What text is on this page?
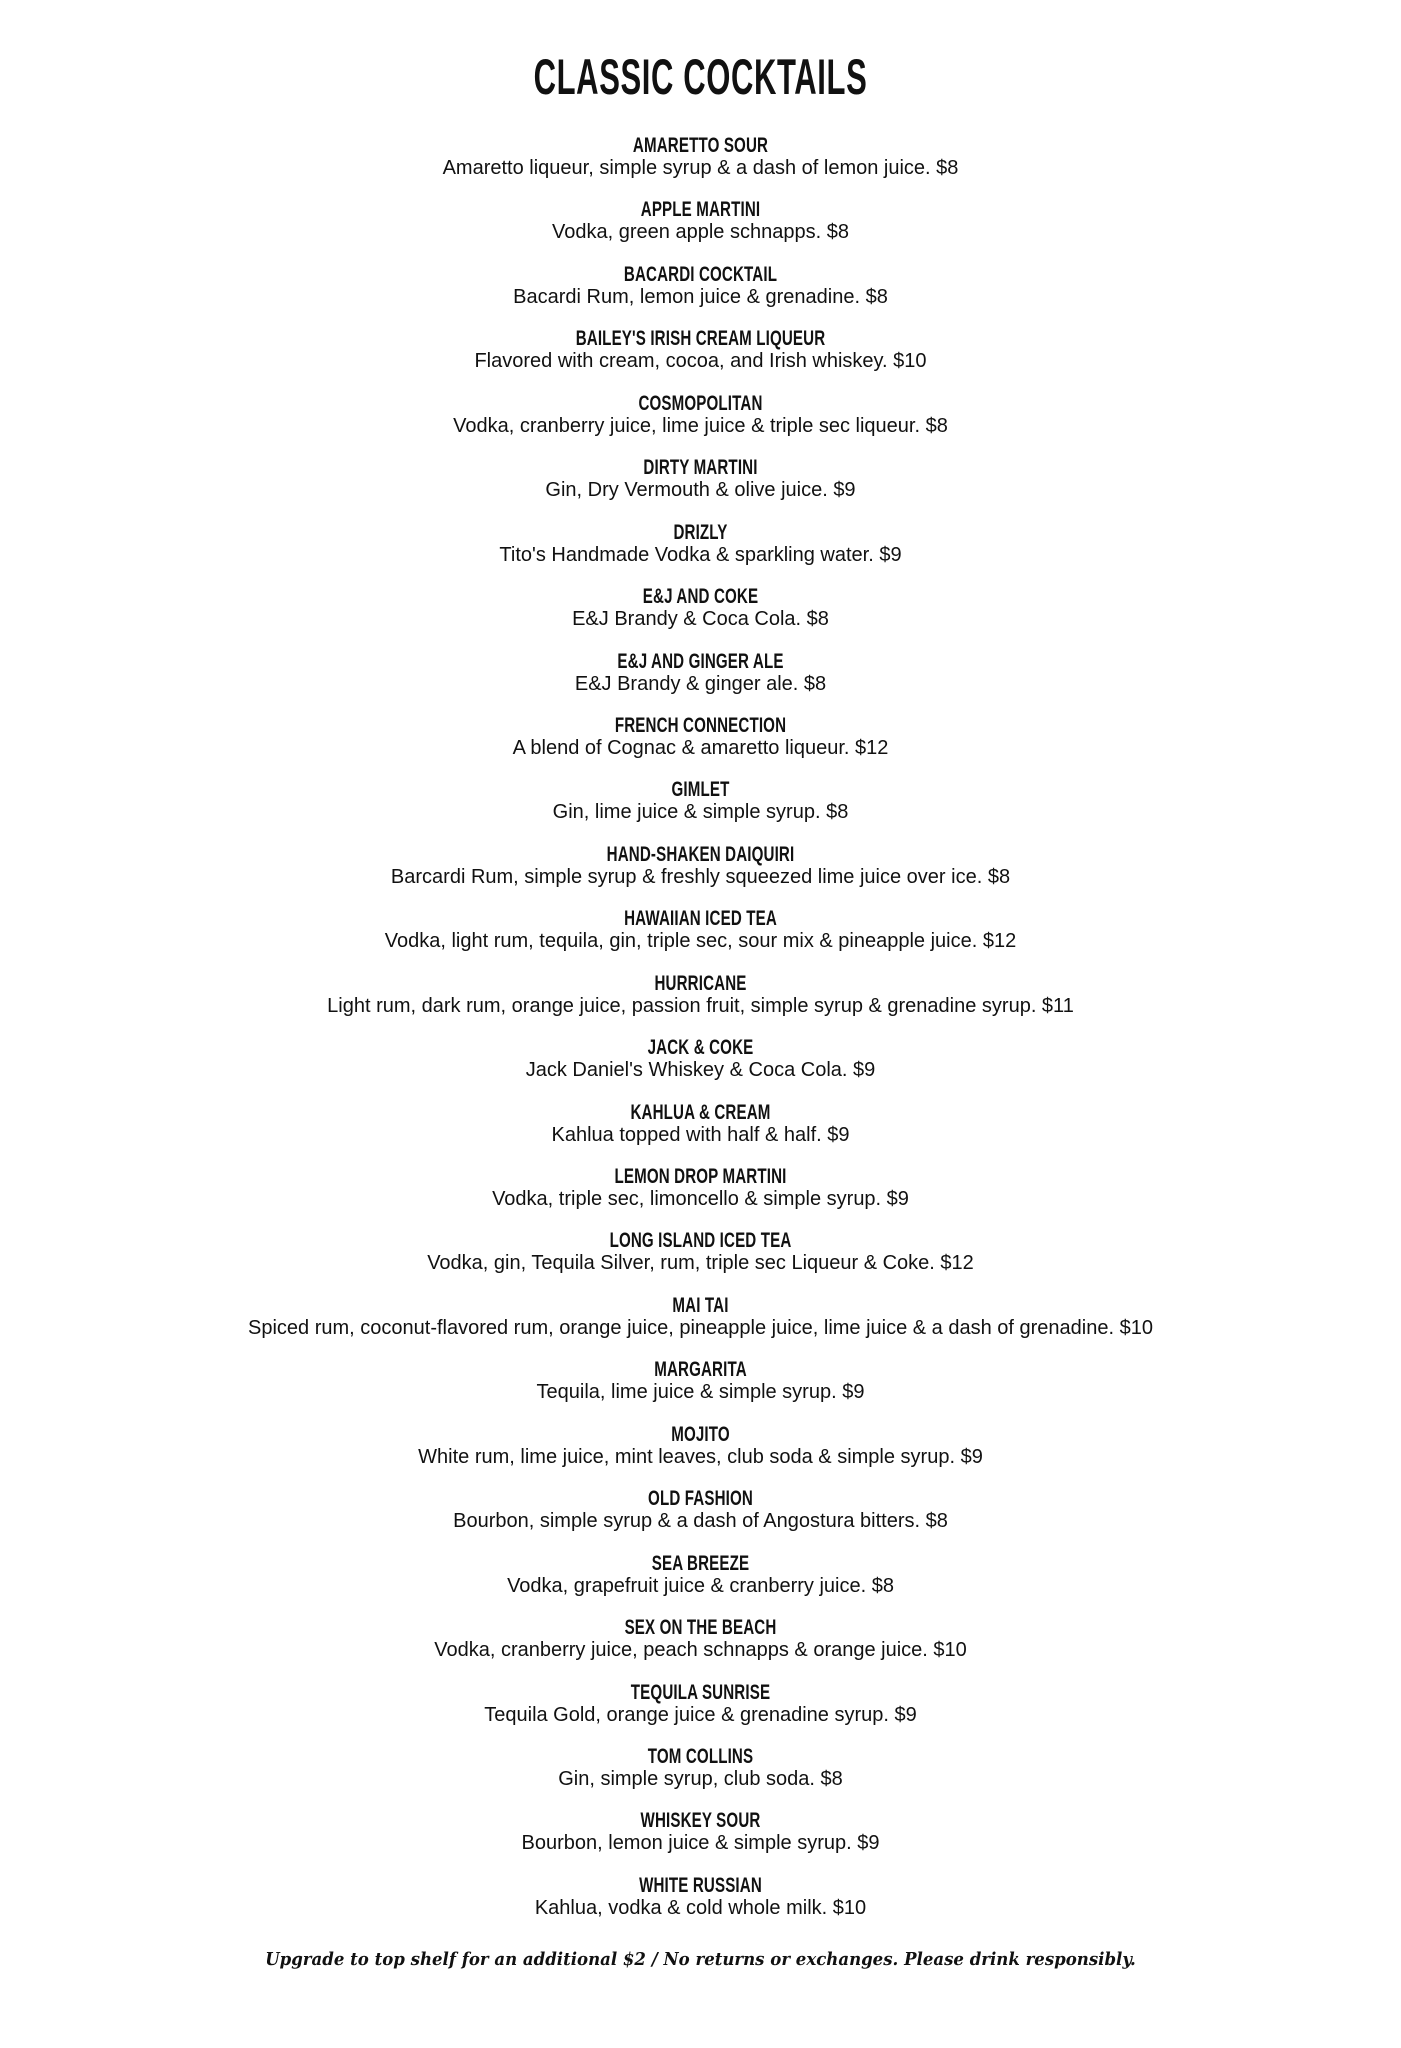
CLASSIC COCKTAILS
AMARETTO SOUR
Amaretto liqueur, simple syrup & a dash of lemon juice. $8
APPLE MARTINI
Vodka, green apple schnapps. $8
BACARDI COCKTAIL
Bacardi Rum, lemon juice & grenadine. $8
BAILEY'S IRISH CREAM LIQUEUR
Flavored with cream, cocoa, and Irish whiskey. $10
COSMOPOLITAN
Vodka, cranberry juice, lime juice & triple sec liqueur. $8
DIRTY MARTINI
Gin, Dry Vermouth & olive juice. $9
DRIZLY
Tito's Handmade Vodka & sparkling water. $9
E&J AND COKE
E&J Brandy & Coca Cola. $8
E&J AND GINGER ALE
E&J Brandy & ginger ale. $8
FRENCH CONNECTION
A blend of Cognac & amaretto liqueur. $12
GIMLET
Gin, lime juice & simple syrup. $8
HAND-SHAKEN DAIQUIRI
Barcardi Rum, simple syrup & freshly squeezed lime juice over ice. $8
HAWAIIAN ICED TEA
Vodka, light rum, tequila, gin, triple sec, sour mix & pineapple juice. $12
HURRICANE
Light rum, dark rum, orange juice, passion fruit, simple syrup & grenadine syrup. $11
JACK & COKE
Jack Daniel's Whiskey & Coca Cola. $9
KAHLUA & CREAM
Kahlua topped with half & half. $9
LEMON DROP MARTINI
Vodka, triple sec, limoncello & simple syrup. $9
LONG ISLAND ICED TEA
Vodka, gin, Tequila Silver, rum, triple sec Liqueur & Coke. $12
MAI TAI
Spiced rum, coconut-flavored rum, orange juice, pineapple juice, lime juice & a dash of grenadine. $10
MARGARITA
Tequila, lime juice & simple syrup. $9
MOJITO
White rum, lime juice, mint leaves, club soda & simple syrup. $9
OLD FASHION
Bourbon, simple syrup & a dash of Angostura bitters. $8
SEA BREEZE
Vodka, grapefruit juice & cranberry juice. $8
SEX ON THE BEACH
Vodka, cranberry juice, peach schnapps & orange juice. $10
TEQUILA SUNRISE
Tequila Gold, orange juice & grenadine syrup. $9
TOM COLLINS
Gin, simple syrup, club soda. $8
WHISKEY SOUR
Bourbon, lemon juice & simple syrup. $9
WHITE RUSSIAN
Kahlua, vodka & cold whole milk. $10
Upgrade to top shelf for an additional $2 / No returns or exchanges. Please drink responsibly.
